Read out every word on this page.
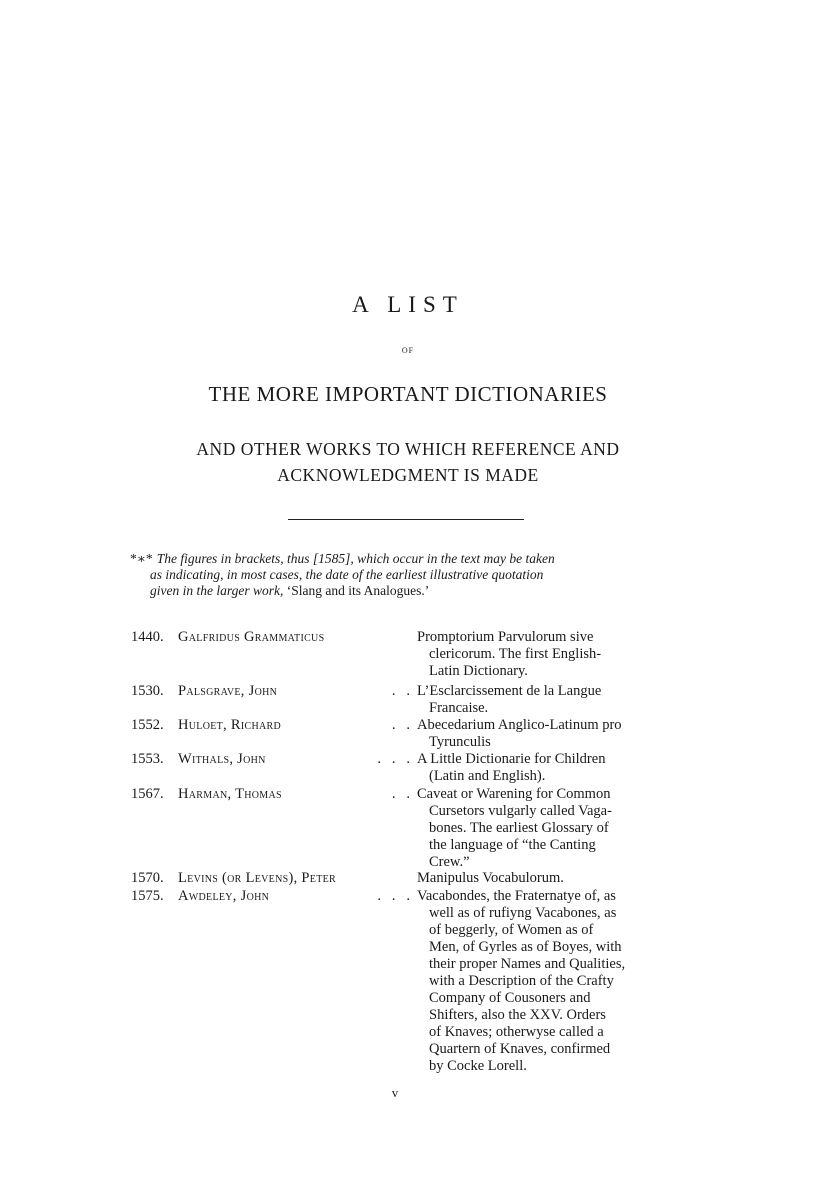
A LIST
OF
THE MORE IMPORTANT DICTIONARIES
AND OTHER WORKS TO WHICH REFERENCE AND
ACKNOWLEDGMENT IS MADE
*∗* The figures in brackets, thus [1585], which occur in the text may be taken
as indicating, in most cases, the date of the earliest illustrative quotation
given in the larger work, ‘Slang and its Analogues.’
1440. Galfridus Grammaticus	Promptorium Parvulorum sive
clericorum. The first English-
Latin Dictionary.
1530. Palsgrave, John	.   . L’Esclarcissement de la Langue
Francaise.
1552. Huloet, Richard	.   . Abecedarium Anglico-Latinum pro
Tyrunculis
1553. Withals, John	.   .   . A Little Dictionarie for Children
(Latin and English).
1567. Harman, Thomas	.   . Caveat or Warening for Common
Cursetors vulgarly called Vaga-
bones. The earliest Glossary of
the language of “the Canting
Crew.”
1570. Levins (or Levens), Peter	Manipulus Vocabulorum.
1575. Awdeley, John	.   .   . Vacabondes, the Fraternatye of, as
well as of rufiyng Vacabones, as
of beggerly, of Women as of
Men, of Gyrles as of Boyes, with
their proper Names and Qualities,
with a Description of the Crafty
Company of Cousoners and
Shifters, also the XXV. Orders
of Knaves; otherwyse called a
Quartern of Knaves, confirmed
by Cocke Lorell.
v
